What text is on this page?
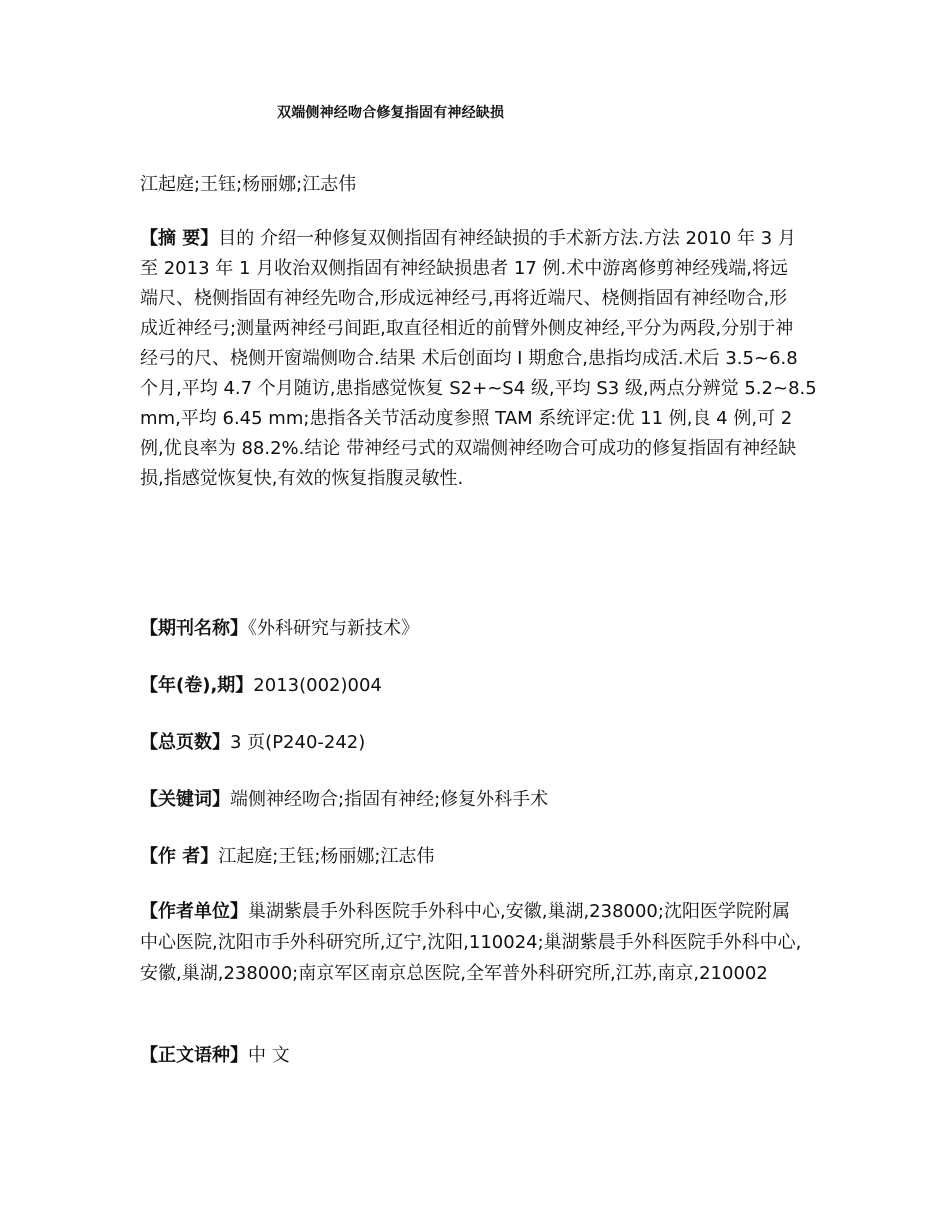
双端侧神经吻合修复指固有神经缺损
江起庭;王钰;杨丽娜;江志伟
【摘 要】目的 介绍一种修复双侧指固有神经缺损的手术新方法.方法 2010 年 3 月
至 2013 年 1 月收治双侧指固有神经缺损患者 17 例.术中游离修剪神经残端,将远
端尺、桡侧指固有神经先吻合,形成远神经弓,再将近端尺、桡侧指固有神经吻合,形
成近神经弓;测量两神经弓间距,取直径相近的前臂外侧皮神经,平分为两段,分别于神
经弓的尺、桡侧开窗端侧吻合.结果 术后创面均 I 期愈合,患指均成活.术后 3.5~6.8
个月,平均 4.7 个月随访,患指感觉恢复 S2+~S4 级,平均 S3 级,两点分辨觉 5.2~8.5
mm,平均 6.45 mm;患指各关节活动度参照 TAM 系统评定:优 11 例,良 4 例,可 2
例,优良率为 88.2%.结论 带神经弓式的双端侧神经吻合可成功的修复指固有神经缺
损,指感觉恢复快,有效的恢复指腹灵敏性.
【期刊名称】《外科研究与新技术》
【年(卷),期】2013(002)004
【总页数】3 页(P240-242)
【关键词】端侧神经吻合;指固有神经;修复外科手术
【作 者】江起庭;王钰;杨丽娜;江志伟
【作者单位】巢湖紫晨手外科医院手外科中心,安徽,巢湖,238000;沈阳医学院附属
中心医院,沈阳市手外科研究所,辽宁,沈阳,110024;巢湖紫晨手外科医院手外科中心,
安徽,巢湖,238000;南京军区南京总医院,全军普外科研究所,江苏,南京,210002
【正文语种】中 文
